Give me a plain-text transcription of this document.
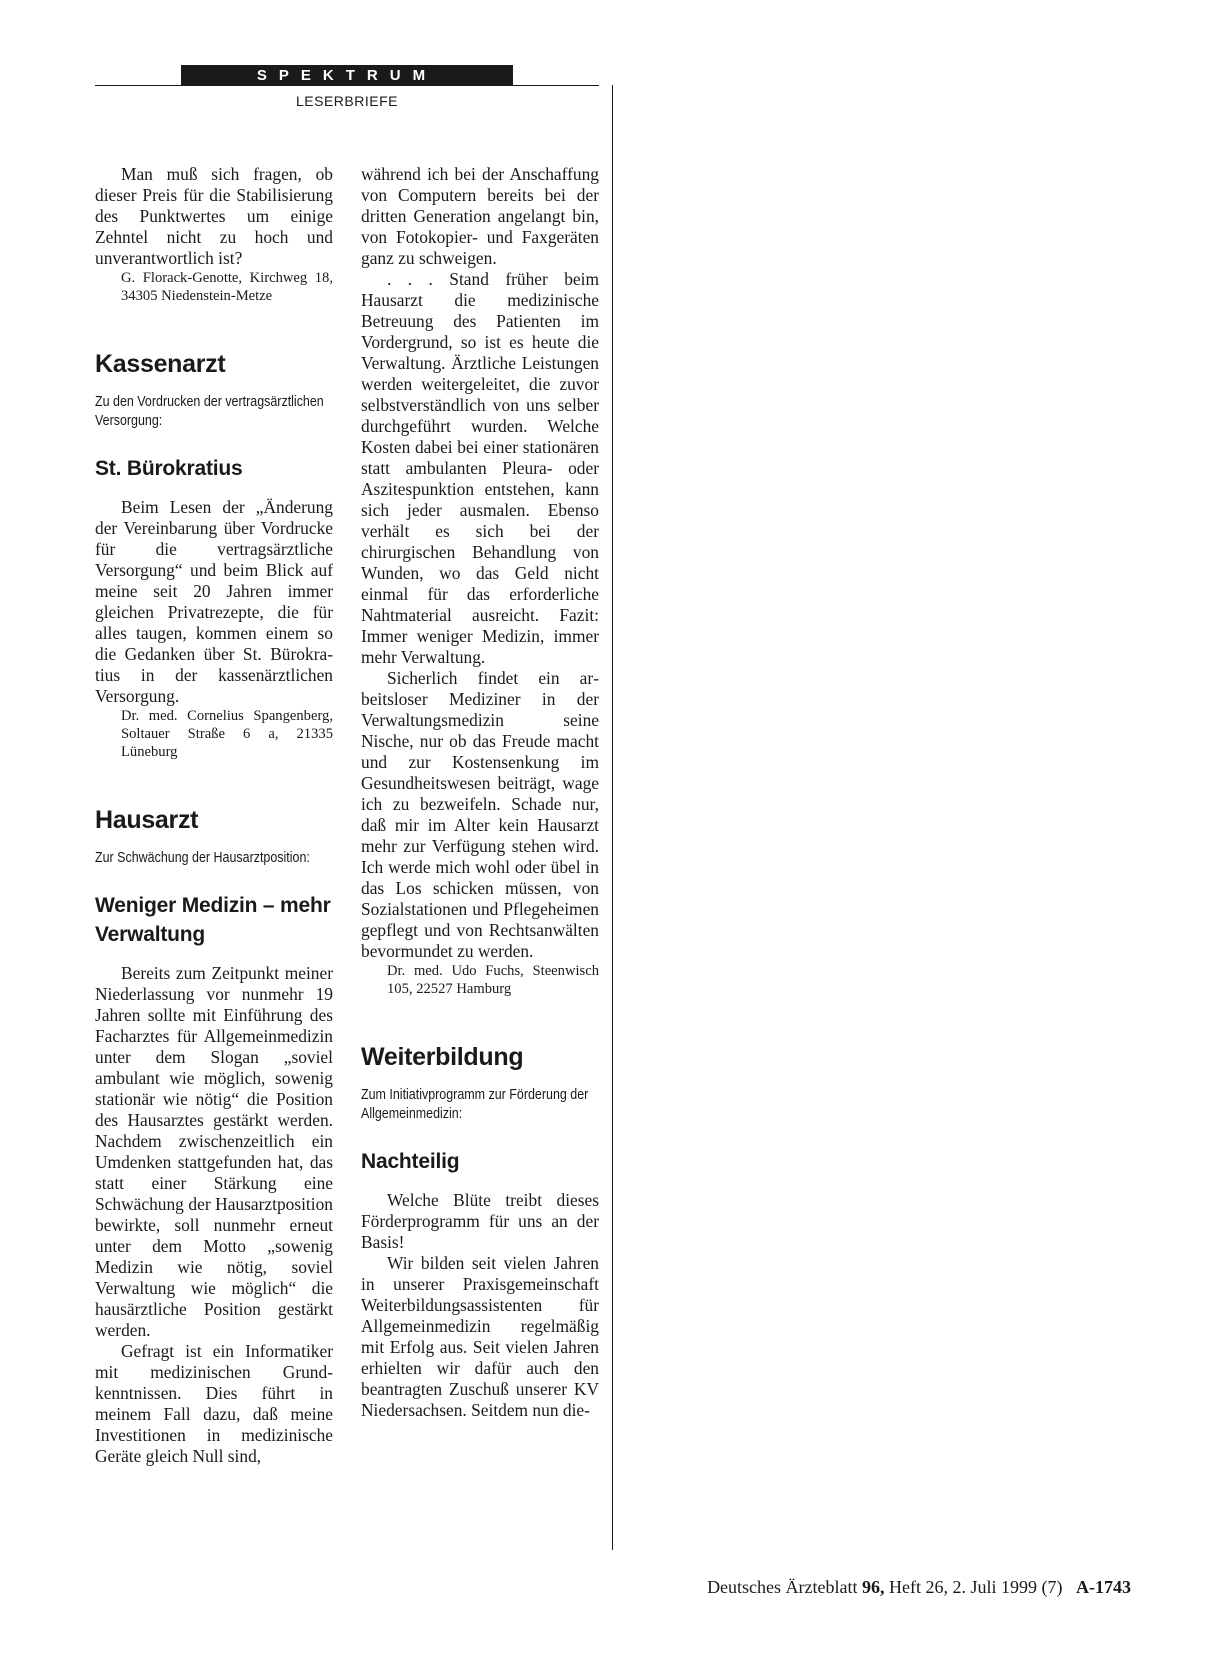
SPEKTRUM
LESERBRIEFE

Man muß sich fragen, ob dieser Preis für die Stabilisierung des Punktwertes um einige Zehntel nicht zu hoch und unverantwortlich ist?

G. Florack-Genotte, Kirchweg 18, 34305 Niedenstein-Metze

Kassenarzt

Zu den Vordrucken der vertragsärztlichen Versorgung:

St. Bürokratius

Beim Lesen der „Änderung der Vereinbarung über Vordrucke für die vertragsärztliche Versorgung“ und beim Blick auf meine seit 20 Jahren immer gleichen Privatrezepte, die für alles taugen, kommen einem so die Gedanken über St. Bürokratius in der kassenärztlichen Versorgung.

Dr. med. Cornelius Spangenberg, Soltauer Straße 6 a, 21335 Lüneburg

Hausarzt

Zur Schwächung der Hausarztposition:

Weniger Medizin – mehr Verwaltung

Bereits zum Zeitpunkt meiner Niederlassung vor nunmehr 19 Jahren sollte mit Einführung des Facharztes für Allgemeinmedizin unter dem Slogan „soviel ambulant wie möglich, sowenig stationär wie nötig“ die Position des Hausarztes gestärkt werden. Nachdem zwischenzeitlich ein Umdenken stattgefunden hat, das statt einer Stärkung eine Schwächung der Hausarztposition bewirkte, soll nunmehr erneut unter dem Motto „sowenig Medizin wie nötig, soviel Verwaltung wie möglich“ die hausärztliche Position gestärkt werden.

Gefragt ist ein Informatiker mit medizinischen Grundkenntnissen. Dies führt in meinem Fall dazu, daß meine Investitionen in medizinische Geräte gleich Null sind,

während ich bei der Anschaffung von Computern bereits bei der dritten Generation angelangt bin, von Fotokopier- und Faxgeräten ganz zu schweigen.

. . . Stand früher beim Hausarzt die medizinische Betreuung des Patienten im Vordergrund, so ist es heute die Verwaltung. Ärztliche Leistungen werden weitergeleitet, die zuvor selbstverständlich von uns selber durchgeführt wurden. Welche Kosten dabei bei einer stationären statt ambulanten Pleura- oder Aszitespunktion entstehen, kann sich jeder ausmalen. Ebenso verhält es sich bei der chirurgischen Behandlung von Wunden, wo das Geld nicht einmal für das erforderliche Nahtmaterial ausreicht. Fazit: Immer weniger Medizin, immer mehr Verwaltung.

Sicherlich findet ein arbeitsloser Mediziner in der Verwaltungsmedizin seine Nische, nur ob das Freude macht und zur Kostensenkung im Gesundheitswesen beiträgt, wage ich zu bezweifeln. Schade nur, daß mir im Alter kein Hausarzt mehr zur Verfügung stehen wird. Ich werde mich wohl oder übel in das Los schicken müssen, von Sozialstationen und Pflegeheimen gepflegt und von Rechtsanwälten bevormundet zu werden.

Dr. med. Udo Fuchs, Steenwisch 105, 22527 Hamburg

Weiterbildung

Zum Initiativprogramm zur Förderung der Allgemeinmedizin:

Nachteilig

Welche Blüte treibt dieses Förderprogramm für uns an der Basis!

Wir bilden seit vielen Jahren in unserer Praxisgemeinschaft Weiterbildungsassistenten für Allgemeinmedizin regelmäßig mit Erfolg aus. Seit vielen Jahren erhielten wir dafür auch den beantragten Zuschuß unserer KV Niedersachsen. Seitdem nun die-

Deutsches Ärzteblatt 96, Heft 26, 2. Juli 1999 (7) A-1743
